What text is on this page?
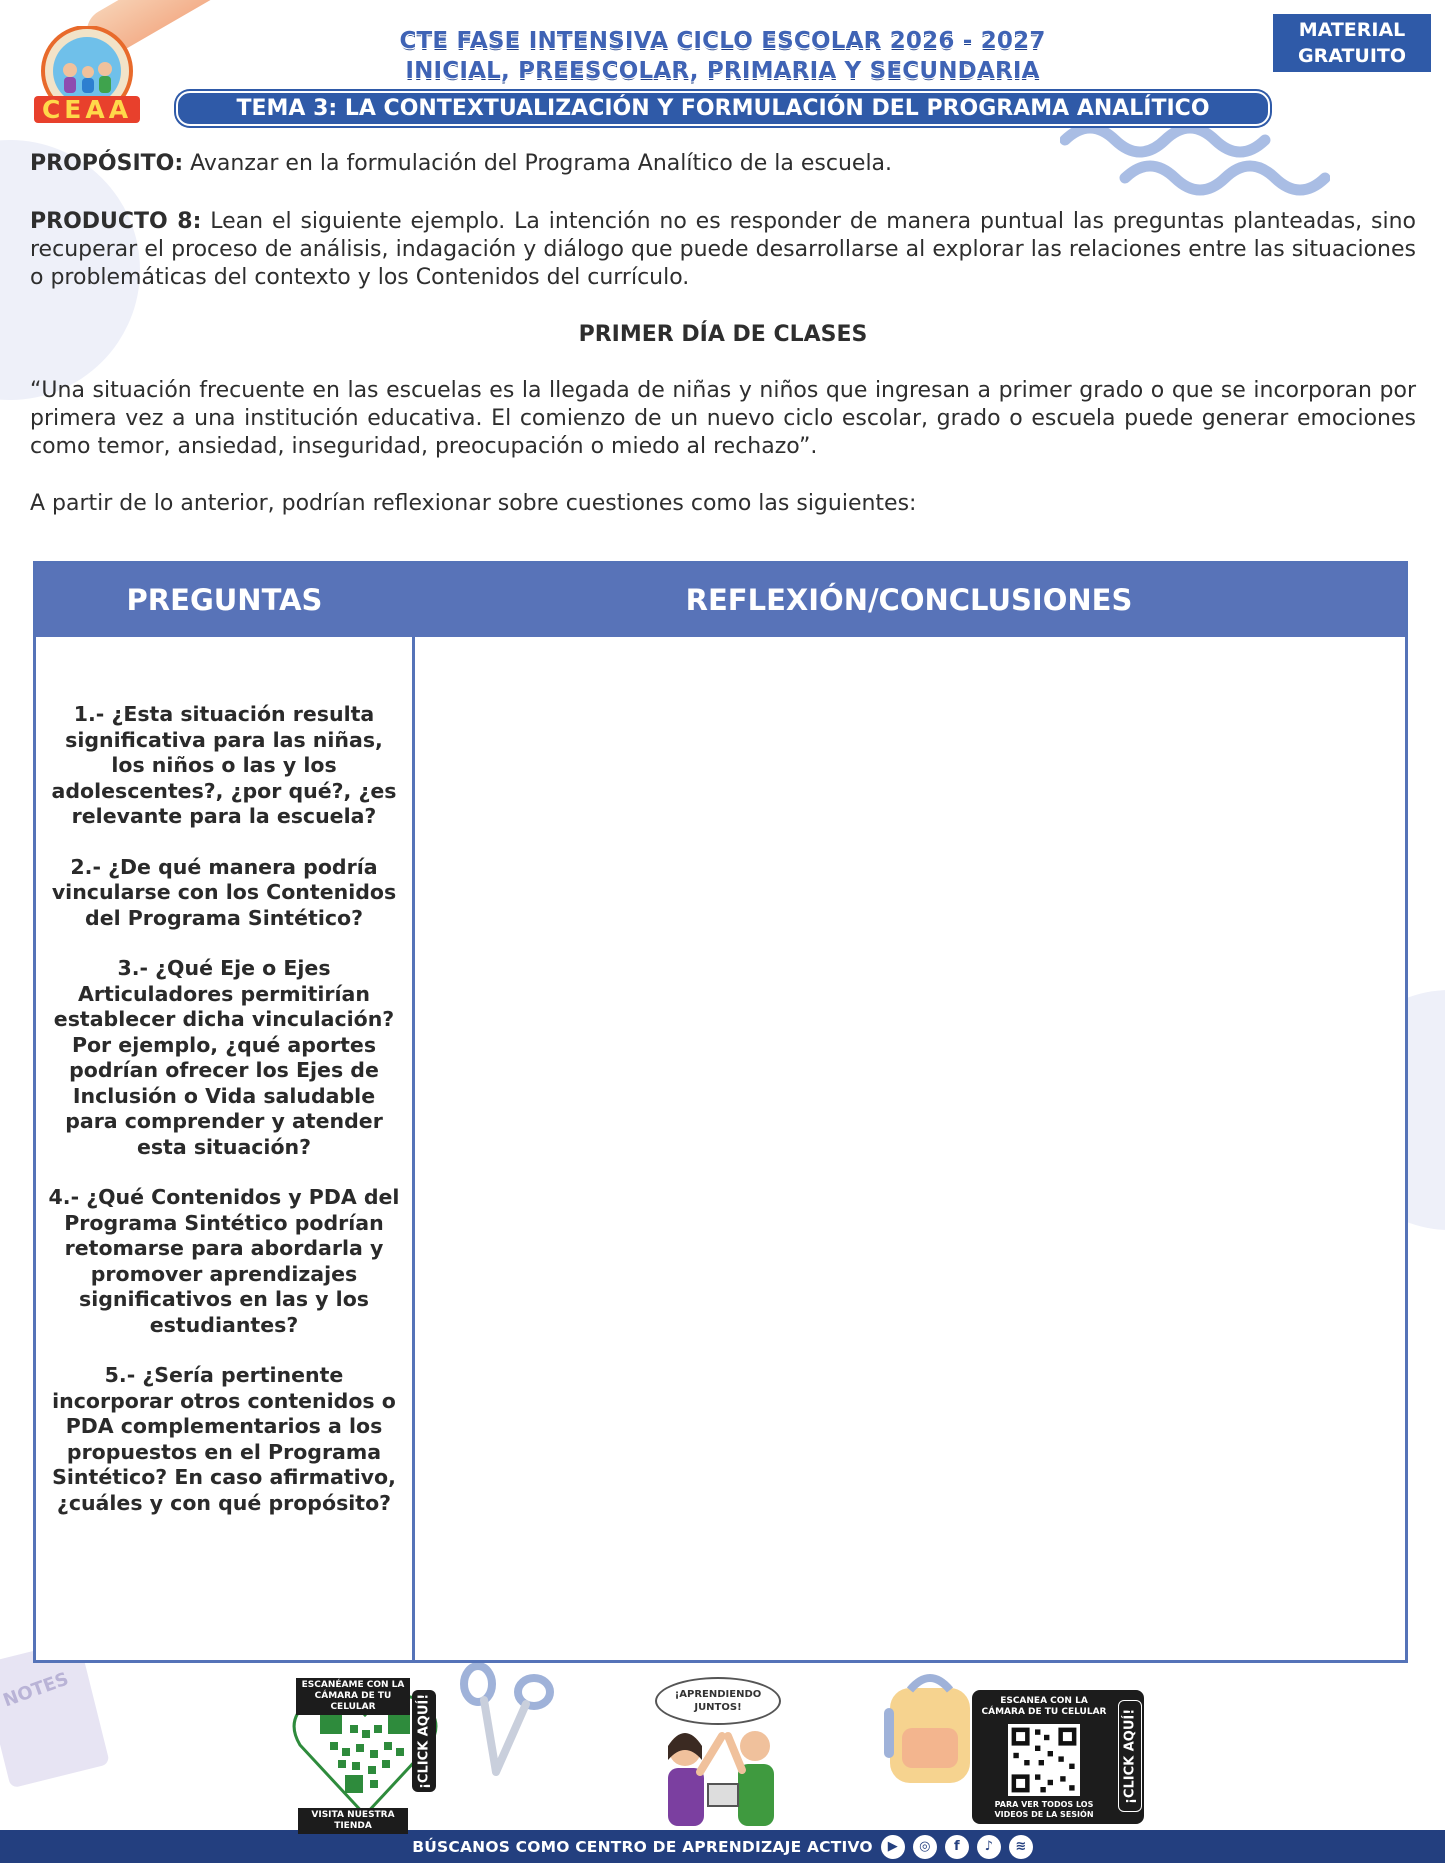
CEAA
CTE FASE INTENSIVA CICLO ESCOLAR 2026 - 2027
INICIAL, PREESCOLAR, PRIMARIA Y SECUNDARIA
TEMA 3: LA CONTEXTUALIZACIÓN Y FORMULACIÓN DEL PROGRAMA ANALÍTICO
MATERIAL
GRATUITO
PROPÓSITO: Avanzar en la formulación del Programa Analítico de la escuela.
PRODUCTO 8: Lean el siguiente ejemplo. La intención no es responder de manera puntual las preguntas planteadas, sino recuperar el proceso de análisis, indagación y diálogo que puede desarrollarse al explorar las relaciones entre las situaciones o problemáticas del contexto y los Contenidos del currículo.
PRIMER DÍA DE CLASES
“Una situación frecuente en las escuelas es la llegada de niñas y niños que ingresan a primer grado o que se incorporan por primera vez a una institución educativa. El comienzo de un nuevo ciclo escolar, grado o escuela puede generar emociones como temor, ansiedad, inseguridad, preocupación o miedo al rechazo”.
A partir de lo anterior, podrían reflexionar sobre cuestiones como las siguientes:
PREGUNTAS	REFLEXIÓN/CONCLUSIONES
1.- ¿Esta situación resulta significativa para las niñas, los niños o las y los adolescentes?, ¿por qué?, ¿es relevante para la escuela?
2.- ¿De qué manera podría vincularse con los Contenidos del Programa Sintético?
3.- ¿Qué Eje o Ejes Articuladores permitirían establecer dicha vinculación? Por ejemplo, ¿qué aportes podrían ofrecer los Ejes de Inclusión o Vida saludable para comprender y atender esta situación?
4.- ¿Qué Contenidos y PDA del Programa Sintético podrían retomarse para abordarla y promover aprendizajes significativos en las y los estudiantes?
5.- ¿Sería pertinente incorporar otros contenidos o PDA complementarios a los propuestos en el Programa Sintético? En caso afirmativo, ¿cuáles y con qué propósito?
NOTES	ESCANÉAME CON LA CÁMARA DE TU CELULAR
VISITA NUESTRA TIENDA
¡CLICK AQUÍ!	¡APRENDIENDO JUNTOS!
ESCANEA CON LA CÁMARA DE TU CELULAR
PARA VER TODOS LOS VIDEOS DE LA SESIÓN
¡CLICK AQUÍ!
BÚSCANOS COMO CENTRO DE APRENDIZAJE ACTIVO	▶	◎	f	♪	≋
